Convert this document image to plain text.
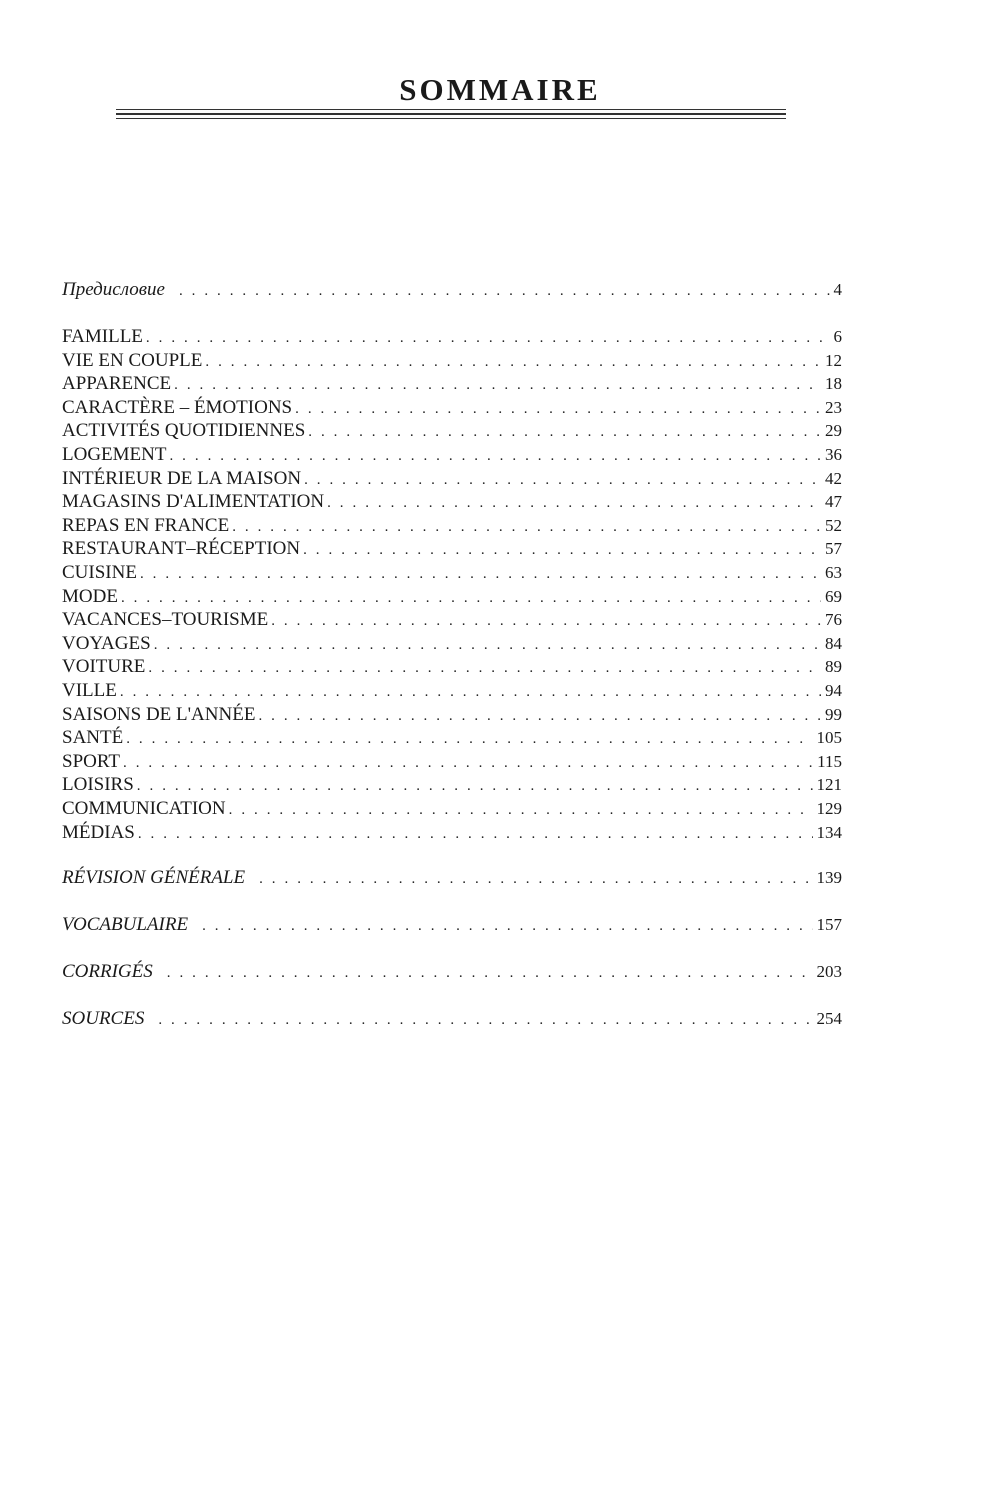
SOMMAIRE
Предисловие . . .	4
FAMILLE . . .	6
VIE EN COUPLE . . .	12
APPARENCE . . .	18
CARACTÈRE – ÉMOTIONS . . .	23
ACTIVITÉS QUOTIDIENNES . . .	29
LOGEMENT . . .	36
INTÉRIEUR DE LA MAISON . . .	42
MAGASINS D'ALIMENTATION . . .	47
REPAS EN FRANCE . . .	52
RESTAURANT–RÉCEPTION . . .	57
CUISINE . . .	63
MODE . . .	69
VACANCES–TOURISME . . .	76
VOYAGES . . .	84
VOITURE . . .	89
VILLE . . .	94
SAISONS DE L'ANNÉE . . .	99
SANTÉ . . .	105
SPORT . . .	115
LOISIRS . . .	121
COMMUNICATION . . .	129
MÉDIAS . . .	134
RÉVISION GÉNÉRALE . . .	139
VOCABULAIRE . . .	157
CORRIGÉS . . .	203
SOURCES . . .	254
